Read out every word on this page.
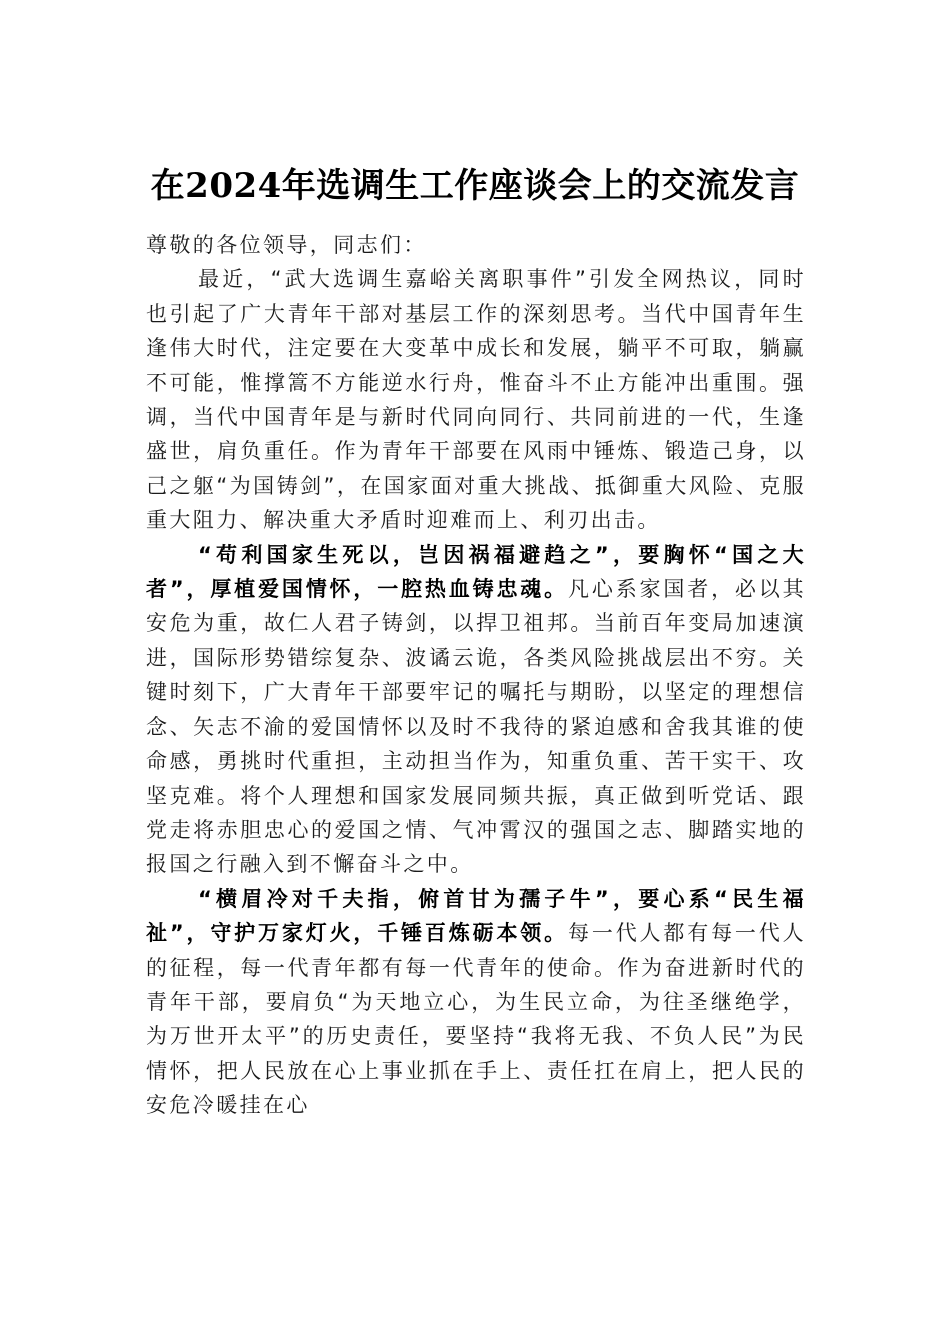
在2024年选调生工作座谈会上的交流发言

尊敬的各位领导，同志们：

最近，“武大选调生嘉峪关离职事件”引发全网热议，同时也引起了广大青年干部对基层工作的深刻思考。当代中国青年生逢伟大时代，注定要在大变革中成长和发展，躺平不可取，躺赢不可能，惟撑篙不方能逆水行舟，惟奋斗不止方能冲出重围。强调，当代中国青年是与新时代同向同行、共同前进的一代，生逢盛世，肩负重任。作为青年干部要在风雨中锤炼、锻造己身，以己之躯“为国铸剑”，在国家面对重大挑战、抵御重大风险、克服重大阻力、解决重大矛盾时迎难而上、利刃出击。

“苟利国家生死以，岂因祸福避趋之”，要胸怀“国之大者”，厚植爱国情怀，一腔热血铸忠魂。凡心系家国者，必以其安危为重，故仁人君子铸剑，以捍卫祖邦。当前百年变局加速演进，国际形势错综复杂、波谲云诡，各类风险挑战层出不穷。关键时刻下，广大青年干部要牢记的嘱托与期盼，以坚定的理想信念、矢志不渝的爱国情怀以及时不我待的紧迫感和舍我其谁的使命感，勇挑时代重担，主动担当作为，知重负重、苦干实干、攻坚克难。将个人理想和国家发展同频共振，真正做到听党话、跟党走将赤胆忠心的爱国之情、气冲霄汉的强国之志、脚踏实地的报国之行融入到不懈奋斗之中。

“横眉冷对千夫指，俯首甘为孺子牛”，要心系“民生福祉”，守护万家灯火，千锤百炼砺本领。每一代人都有每一代人的征程，每一代青年都有每一代青年的使命。作为奋进新时代的青年干部，要肩负“为天地立心，为生民立命，为往圣继绝学，为万世开太平”的历史责任，要坚持“我将无我、不负人民”为民情怀，把人民放在心上事业抓在手上、责任扛在肩上，把人民的安危冷暖挂在心
